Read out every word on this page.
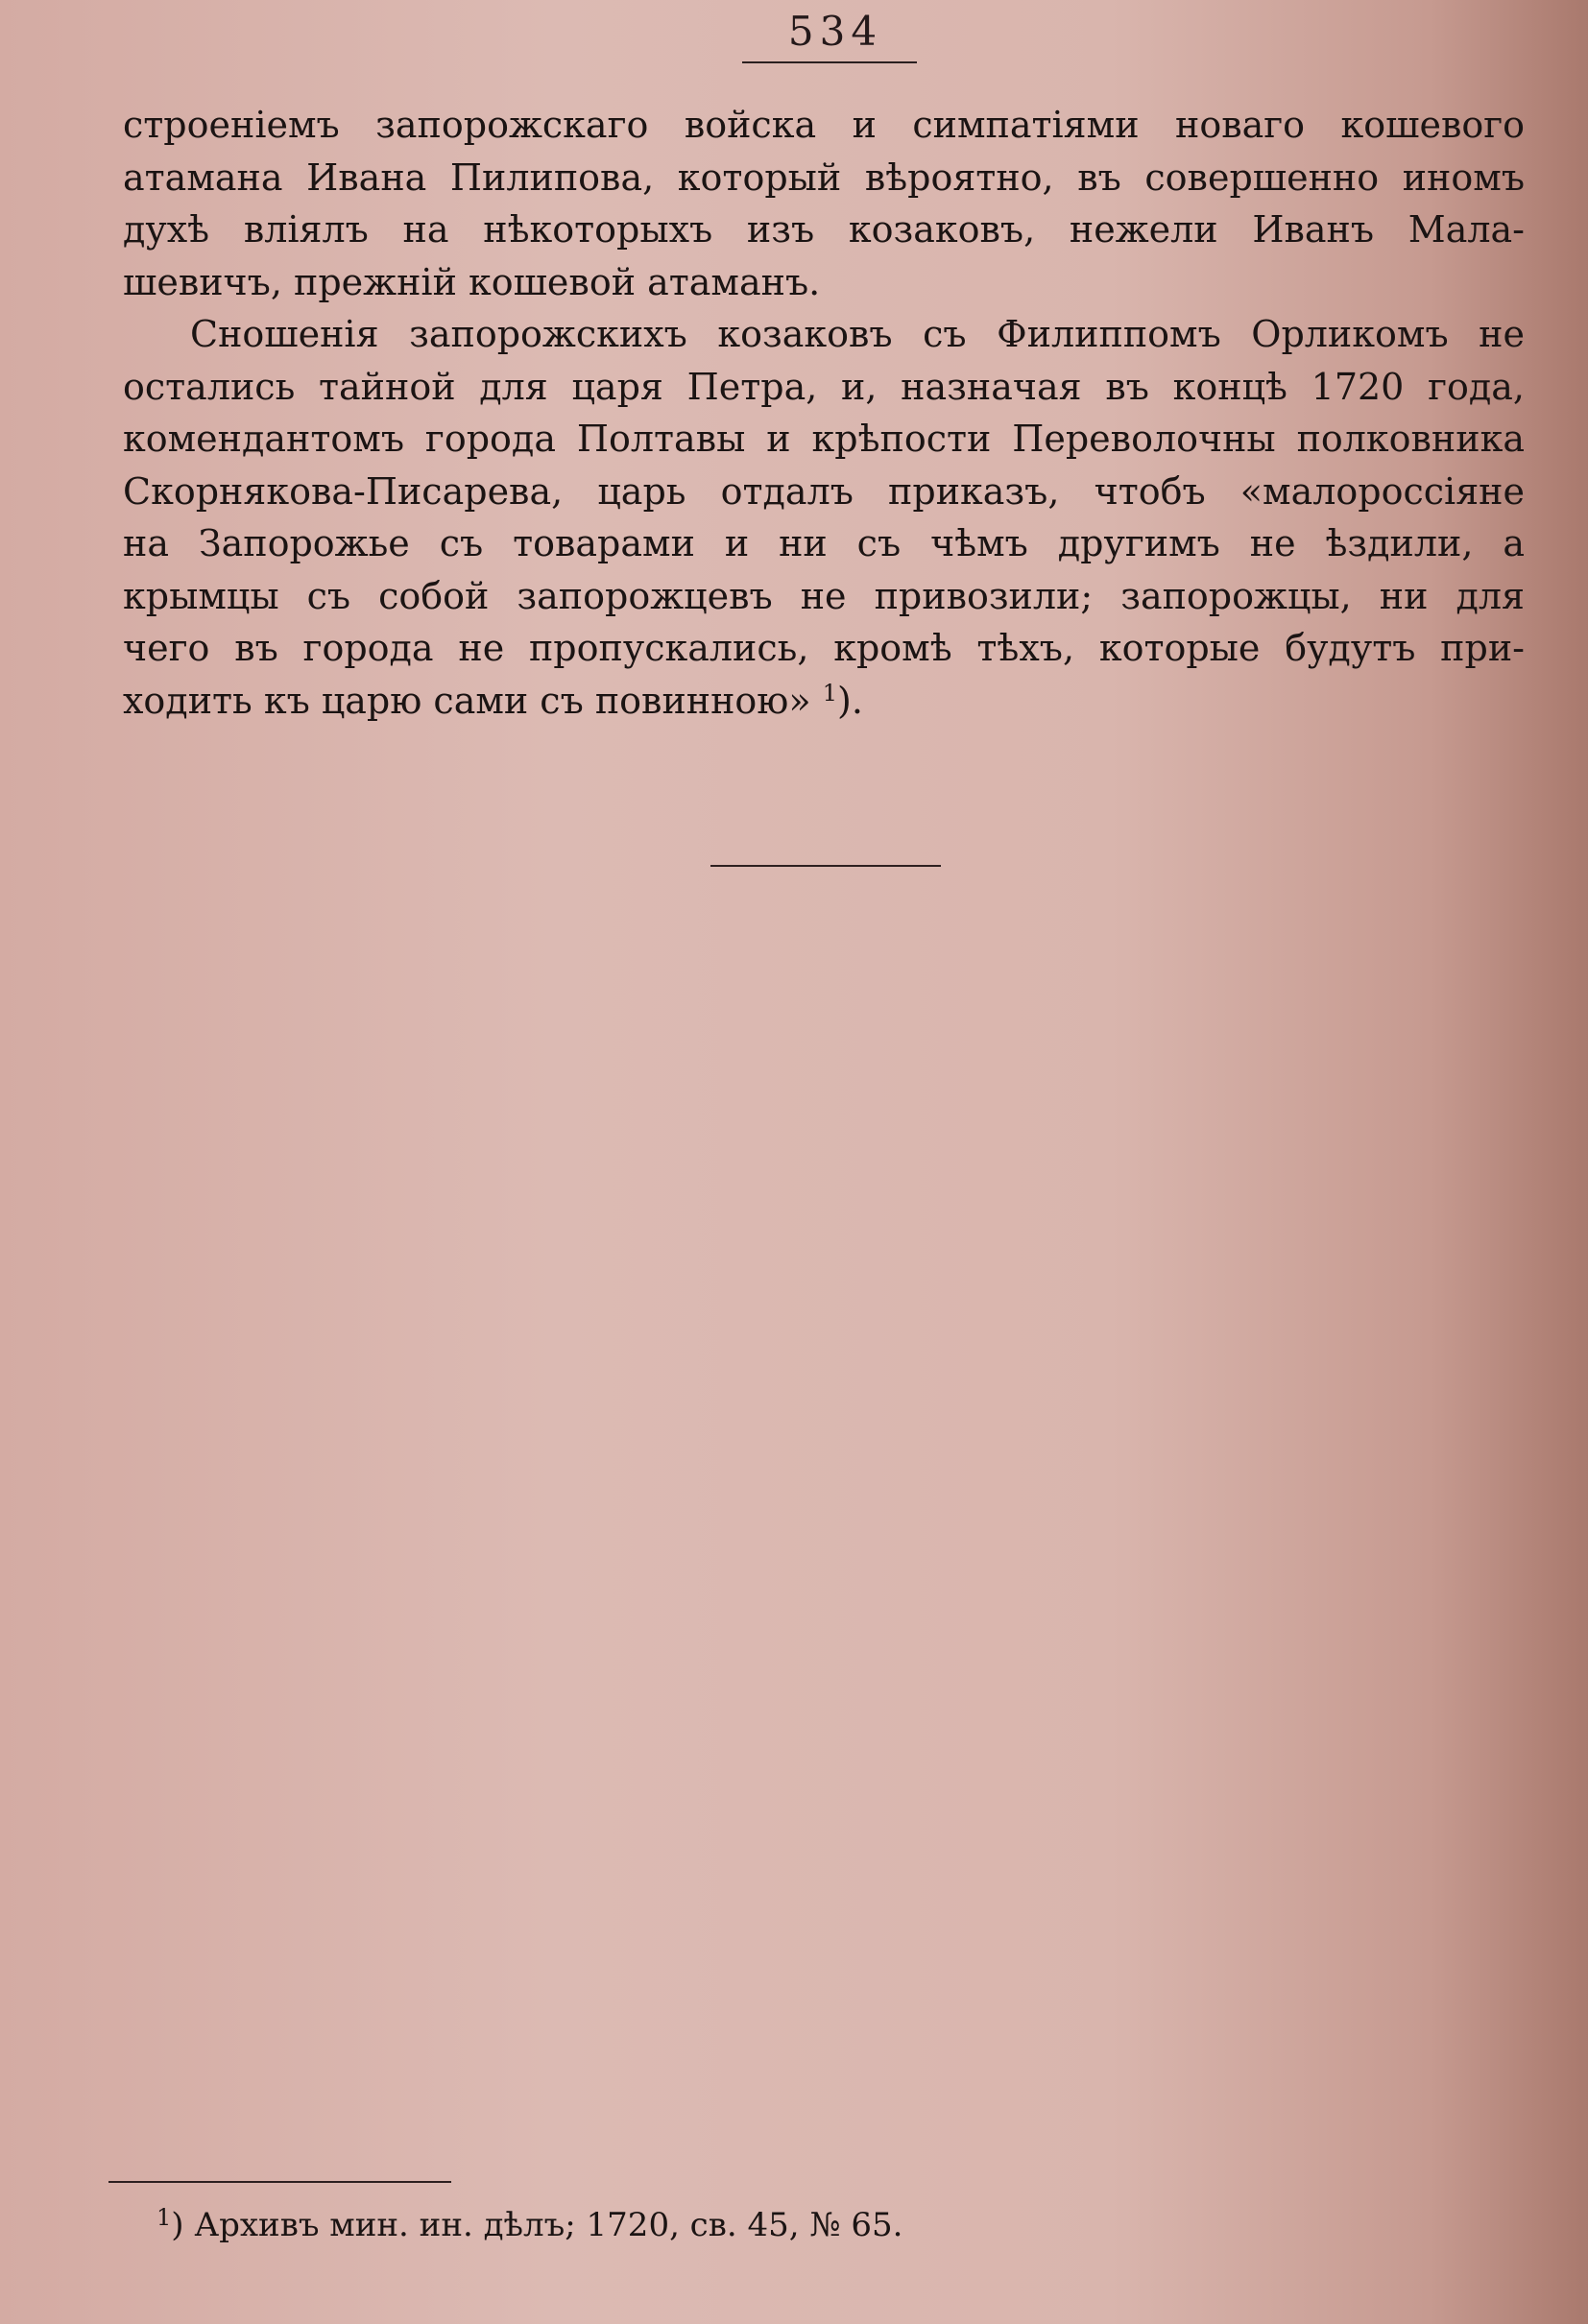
534
строеніемъ запорожскаго войска и симпатіями новаго кошевого
атамана Ивана Пилипова, который вѣроятно, въ совершенно иномъ
духѣ вліялъ на нѣкоторыхъ изъ козаковъ, нежели Иванъ Мала-
шевичъ, прежній кошевой атаманъ.
Сношенія запорожскихъ козаковъ съ Филиппомъ Орликомъ не
остались тайной для царя Петра, и, назначая въ концѣ 1720 года,
комендантомъ города Полтавы и крѣпости Переволочны полковника
Скорнякова-Писарева, царь отдалъ приказъ, чтобъ «малороссіяне
на Запорожье съ товарами и ни съ чѣмъ другимъ не ѣздили, а
крымцы съ собой запорожцевъ не привозили; запорожцы, ни для
чего въ города не пропускались, кромѣ тѣхъ, которые будутъ при-
ходить къ царю сами съ повинною» $^1$).
$^1$) Архивъ мин. ин. дѣлъ; 1720, св. 45, № 65.
